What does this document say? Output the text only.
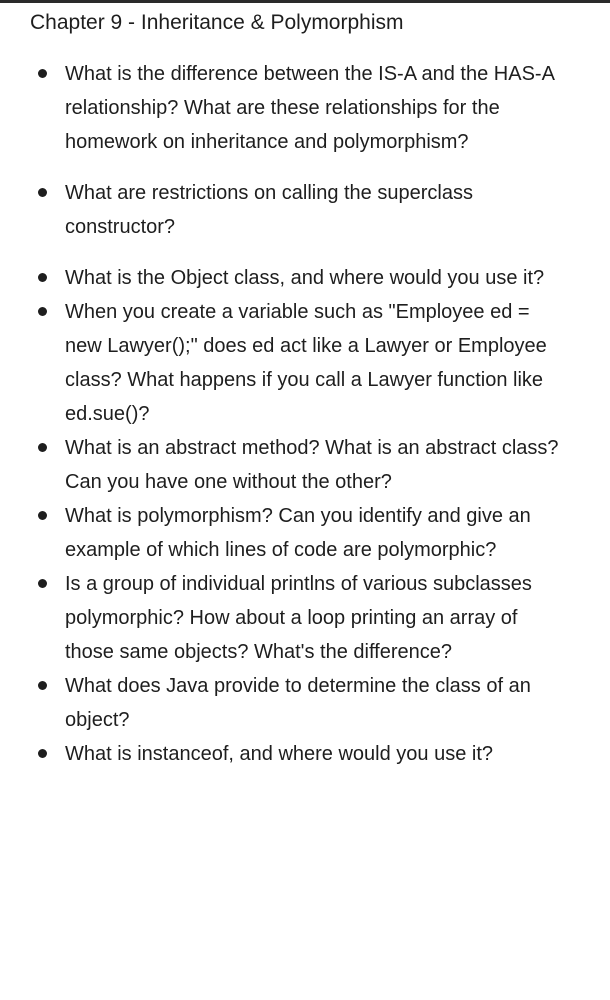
Chapter 9 - Inheritance & Polymorphism
What is the difference between the IS-A and the HAS-A relationship? What are these relationships for the homework on inheritance and polymorphism?
What are restrictions on calling the superclass constructor?
What is the Object class, and where would you use it?
When you create a variable such as "Employee ed = new Lawyer();" does ed act like a Lawyer or Employee class? What happens if you call a Lawyer function like ed.sue()?
What is an abstract method? What is an abstract class? Can you have one without the other?
What is polymorphism? Can you identify and give an example of which lines of code are polymorphic?
Is a group of individual printlns of various subclasses polymorphic? How about a loop printing an array of those same objects? What's the difference?
What does Java provide to determine the class of an object?
What is instanceof, and where would you use it?
